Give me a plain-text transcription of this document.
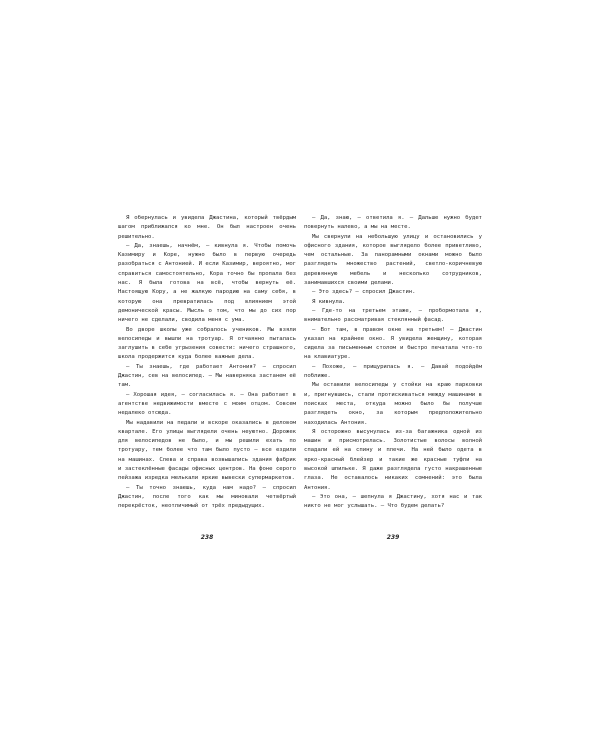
Я обернулась и увидела Джастина, который твёрдым шагом приближался ко мне. Он был настроен очень решительно.

— Да, знаешь, начнём, — кивнула я. Чтобы помочь Казимиру и Коре, нужно было в первую очередь разобраться с Антонией. И если Казимир, вероятно, мог справиться самостоятельно, Кора точно бы пропала без нас. Я была готова на всё, чтобы вернуть её. Настоящую Кору, а не жалкую пародию на саму себя, в которую она превратилась под влиянием этой демонической красы. Мысль о том, что мы до сих пор ничего не сделали, сводила меня с ума.

Во дворе школы уже собралось учеников. Мы взяли велосипеды и вышли на тротуар. Я отчаянно пыталась заглушить в себе угрызения совести: ничего страшного, школа продержится куда более важные дела.

— Ты знаешь, где работает Антония? — спросил Джастин, сев на велосипед. — Мы наверняка застанем её там.

— Хорошая идея, — согласилась я. — Она работает в агентстве недвижимости вместе с моим отцом. Совсем недалеко отсюда.

Мы надавили на педали и вскоре оказались в деловом квартале. Его улицы выглядели очень неуютно. Дорожек для велосипедов не было, и мы решили ехать по тротуару, тем более что там было пусто — все ездили на машинах. Слева и справа возвышались здания фабрик и застеклённые фасады офисных центров. На фоне серого пейзажа изредка мелькали яркие вывески супермаркетов.

— Ты точно знаешь, куда нам надо? — спросил Джастин, после того как мы миновали четвёртый перекрёсток, неотличимый от трёх предыдущих.

238

— Да, знаю, — ответила я. — Дальше нужно будет повернуть налево, а мы на месте.

Мы свернули на небольшую улицу и остановились у офисного здания, которое выглядело более приветливо, чем остальные. За панорамными окнами можно было разглядеть множество растений, светло-коричневую деревянную мебель и несколько сотрудников, занимавшихся своими делами.

— Это здесь? — спросил Джастин.

Я кивнула.

— Где-то на третьем этаже, — пробормотала я, внимательно рассматривая стеклянный фасад.

— Вот там, в правом окне на третьем! — Джастин указал на крайнее окно. Я увидела женщину, которая сидела за письменным столом и быстро печатала что-то на клавиатуре.

— Похоже, — прищурилась я. — Давай подойдём поближе.

Мы оставили велосипеды у стойки на краю парковки и, пригнувшись, стали протискиваться между машинами в поисках места, откуда можно было бы получше разглядеть окно, за которым предположительно находилась Антония.

Я осторожно высунулась из-за багажника одной из машин и присмотрелась. Золотистые волосы волной спадали ей на спину и плечи. На ней было одета в ярко-красный блейзер и такие же красные туфли на высокой шпильке. Я даже разглядела густо накрашенные глаза. Не оставалось никаких сомнений: это была Антония.

— Это она, — шепнула я Джастину, хотя нас и так никто не мог услышать. — Что будем делать?

239
